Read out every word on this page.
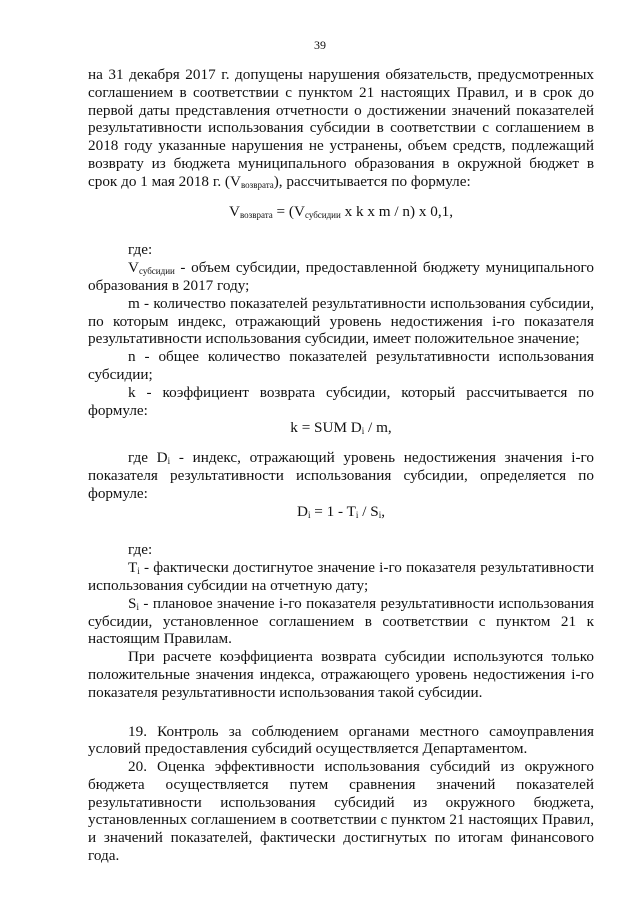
39

на 31 декабря 2017 г. допущены нарушения обязательств, предусмотренных соглашением в соответствии с пунктом 21 настоящих Правил, и в срок до первой даты представления отчетности о достижении значений показателей результативности использования субсидии в соответствии с соглашением в 2018 году указанные нарушения не устранены, объем средств, подлежащий возврату из бюджета муниципального образования в окружной бюджет в срок до 1 мая 2018 г. $(V_{возврата})$, рассчитывается по формуле:

$V_{возврата} = (V_{субсидии}$ x k x m / n) x 0,1,

где:

$V_{субсидии}$ - объем субсидии, предоставленной бюджету муниципального образования в 2017 году;

m - количество показателей результативности использования субсидии, по которым индекс, отражающий уровень недостижения i-го показателя результативности использования субсидии, имеет положительное значение;

n - общее количество показателей результативности использования субсидии;

k - коэффициент возврата субсидии, который рассчитывается по формуле:

k = SUM $D_i$ / m,

где $D_i$ - индекс, отражающий уровень недостижения значения i-го показателя результативности использования субсидии, определяется по формуле:

$D_i = 1 - T_i / S_i$,

где:

$T_i$ - фактически достигнутое значение i-го показателя результативности использования субсидии на отчетную дату;

$S_i$ - плановое значение i-го показателя результативности использования субсидии, установленное соглашением в соответствии с пунктом 21 к настоящим Правилам.

При расчете коэффициента возврата субсидии используются только положительные значения индекса, отражающего уровень недостижения i-го показателя результативности использования такой субсидии.

19. Контроль за соблюдением органами местного самоуправления условий предоставления субсидий осуществляется Департаментом.

20. Оценка эффективности использования субсидий из окружного бюджета осуществляется путем сравнения значений показателей результативности использования субсидий из окружного бюджета, установленных соглашением в соответствии с пунктом 21 настоящих Правил, и значений показателей, фактически достигнутых по итогам финансового года.
